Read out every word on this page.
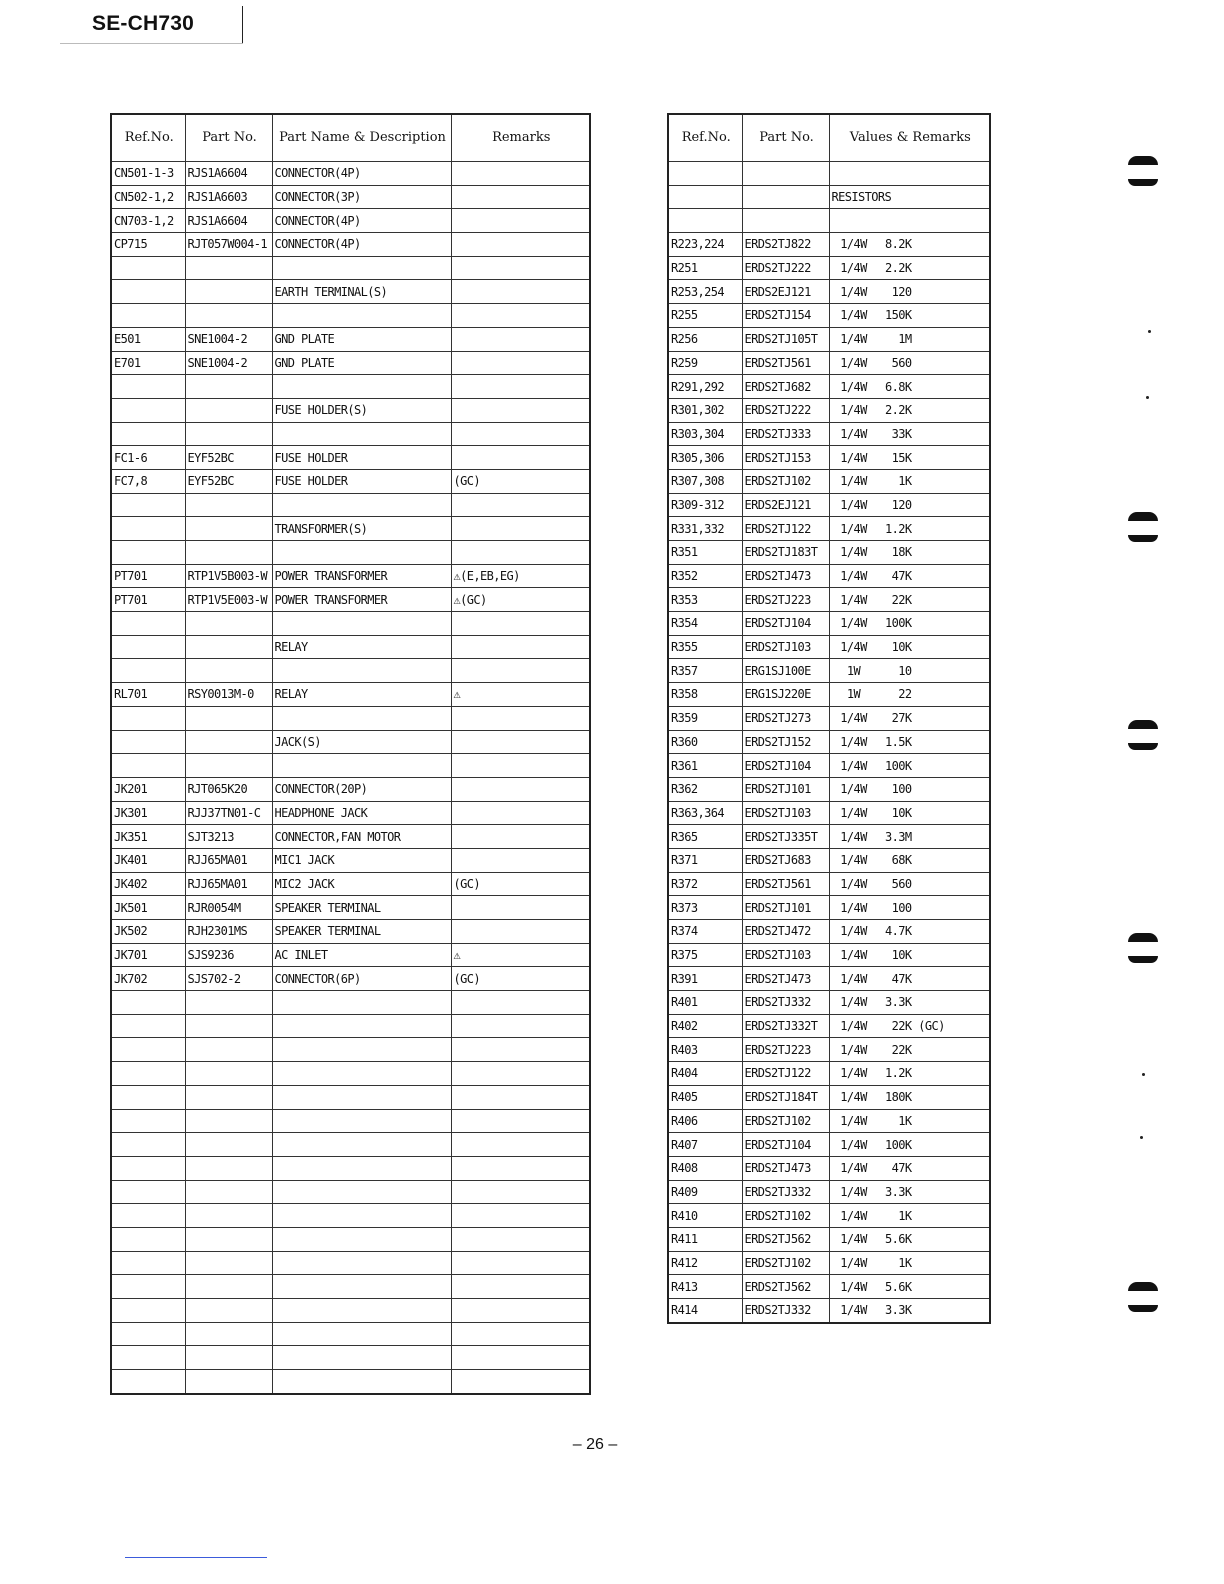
SE-CH730
Ref.No.	Part No.	Part Name & Description	Remarks
CN501-1-3	RJS1A6604	CONNECTOR(4P)	
CN502-1,2	RJS1A6603	CONNECTOR(3P)	
CN703-1,2	RJS1A6604	CONNECTOR(4P)	
CP715	RJT057W004-1	CONNECTOR(4P)	

		EARTH TERMINAL(S)	

E501	SNE1004-2	GND PLATE	
E701	SNE1004-2	GND PLATE	

		FUSE HOLDER(S)	

FC1-6	EYF52BC	FUSE HOLDER	
FC7,8	EYF52BC	FUSE HOLDER	(GC)

		TRANSFORMER(S)	

PT701	RTP1V5B003-W	POWER TRANSFORMER	⚠(E,EB,EG)
PT701	RTP1V5E003-W	POWER TRANSFORMER	⚠(GC)

		RELAY	

RL701	RSY0013M-0	RELAY	⚠

		JACK(S)	

JK201	RJT065K20	CONNECTOR(20P)	
JK301	RJJ37TN01-C	HEADPHONE JACK	
JK351	SJT3213	CONNECTOR,FAN MOTOR	
JK401	RJJ65MA01	MIC1 JACK	
JK402	RJJ65MA01	MIC2 JACK	(GC)
JK501	RJR0054M	SPEAKER TERMINAL	
JK502	RJH2301MS	SPEAKER TERMINAL	
JK701	SJS9236	AC INLET	⚠
JK702	SJS702-2	CONNECTOR(6P)	(GC)

Ref.No.	Part No.	Values & Remarks

		RESISTORS

R223,224	ERDS2TJ822	1/4W 8.2K
R251	ERDS2TJ222	1/4W 2.2K
R253,254	ERDS2EJ121	1/4W 120
R255	ERDS2TJ154	1/4W 150K
R256	ERDS2TJ105T	1/4W 1M
R259	ERDS2TJ561	1/4W 560
R291,292	ERDS2TJ682	1/4W 6.8K
R301,302	ERDS2TJ222	1/4W 2.2K
R303,304	ERDS2TJ333	1/4W 33K
R305,306	ERDS2TJ153	1/4W 15K
R307,308	ERDS2TJ102	1/4W 1K
R309-312	ERDS2EJ121	1/4W 120
R331,332	ERDS2TJ122	1/4W 1.2K
R351	ERDS2TJ183T	1/4W 18K
R352	ERDS2TJ473	1/4W 47K
R353	ERDS2TJ223	1/4W 22K
R354	ERDS2TJ104	1/4W 100K
R355	ERDS2TJ103	1/4W 10K
R357	ERG1SJ100E	1W 10
R358	ERG1SJ220E	1W 22
R359	ERDS2TJ273	1/4W 27K
R360	ERDS2TJ152	1/4W 1.5K
R361	ERDS2TJ104	1/4W 100K
R362	ERDS2TJ101	1/4W 100
R363,364	ERDS2TJ103	1/4W 10K
R365	ERDS2TJ335T	1/4W 3.3M
R371	ERDS2TJ683	1/4W 68K
R372	ERDS2TJ561	1/4W 560
R373	ERDS2TJ101	1/4W 100
R374	ERDS2TJ472	1/4W 4.7K
R375	ERDS2TJ103	1/4W 10K
R391	ERDS2TJ473	1/4W 47K
R401	ERDS2TJ332	1/4W 3.3K
R402	ERDS2TJ332T	1/4W 22K (GC)
R403	ERDS2TJ223	1/4W 22K
R404	ERDS2TJ122	1/4W 1.2K
R405	ERDS2TJ184T	1/4W 180K
R406	ERDS2TJ102	1/4W 1K
R407	ERDS2TJ104	1/4W 100K
R408	ERDS2TJ473	1/4W 47K
R409	ERDS2TJ332	1/4W 3.3K
R410	ERDS2TJ102	1/4W 1K
R411	ERDS2TJ562	1/4W 5.6K
R412	ERDS2TJ102	1/4W 1K
R413	ERDS2TJ562	1/4W 5.6K
R414	ERDS2TJ332	1/4W 3.3K
– 26 –
